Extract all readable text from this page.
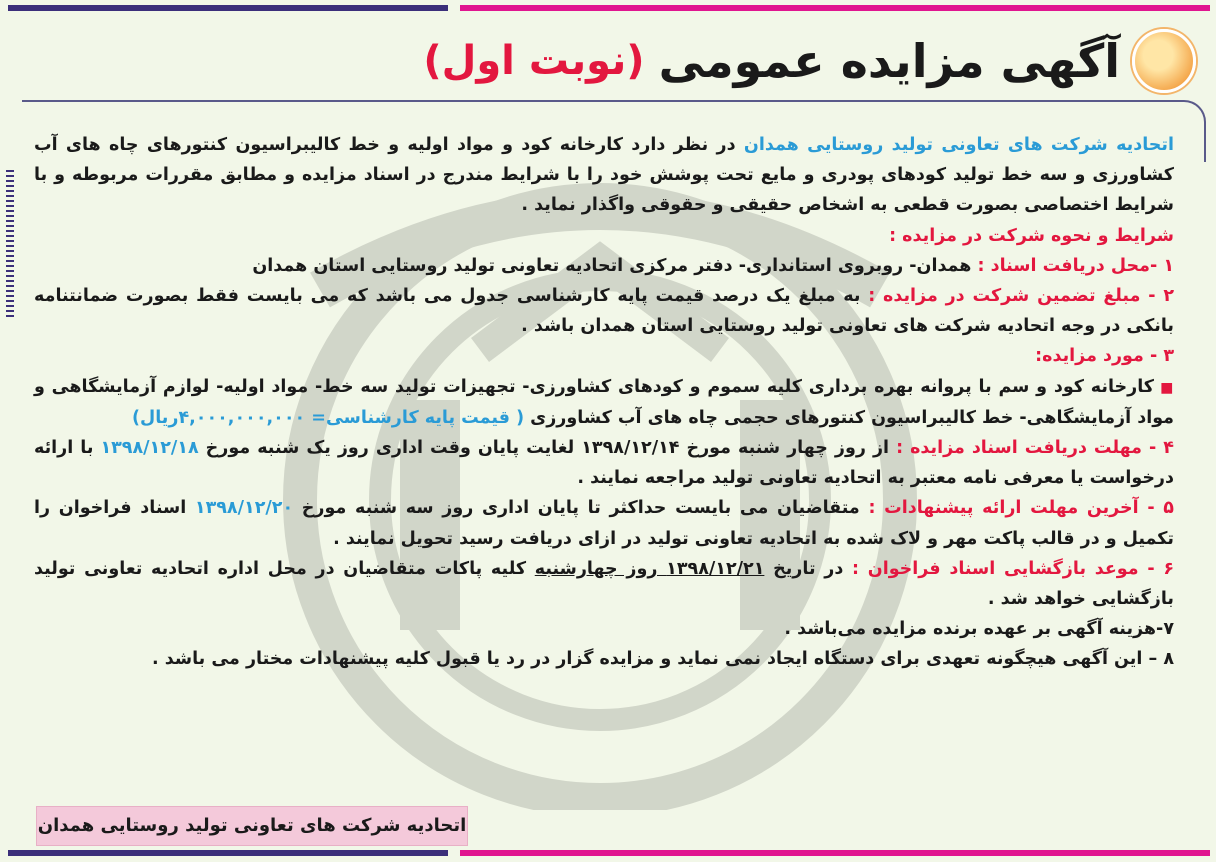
آگهی مزایده عمومی
(نوبت اول)

اتحادیه شرکت های تعاونی تولید روستایی همدان در نظر دارد کارخانه کود و مواد اولیه و خط کالیبراسیون کنتورهای چاه های آب کشاورزی و سه خط تولید کودهای پودری و مایع تحت پوشش خود را با شرایط مندرج در اسناد مزایده و مطابق مقررات مربوطه و با شرایط اختصاصی بصورت قطعی به اشخاص حقیقی و حقوقی واگذار نماید .

شرایط و نحوه شرکت در مزایده :

۱ -محل دریافت اسناد : همدان- روبروی استانداری- دفتر مرکزی اتحادیه تعاونی تولید روستایی استان همدان

۲ - مبلغ تضمین شرکت در مزایده : به مبلغ یک درصد قیمت پایه کارشناسی جدول می باشد که می بایست فقط بصورت ضمانتنامه بانکی در وجه اتحادیه شرکت های تعاونی تولید روستایی استان همدان باشد .

۳ - مورد مزایده:

■ کارخانه کود و سم با پروانه بهره برداری کلیه سموم و کودهای کشاورزی- تجهیزات تولید سه خط- مواد اولیه- لوازم آزمایشگاهی و مواد آزمایشگاهی- خط کالیبراسیون کنتورهای حجمی چاه های آب کشاورزی ( قیمت پایه کارشناسی= ۴,۰۰۰,۰۰۰,۰۰۰ریال)

۴ - مهلت دریافت اسناد مزایده : از روز چهار شنبه مورخ ۱۳۹۸/۱۲/۱۴ لغایت پایان وقت اداری روز یک شنبه مورخ ۱۳۹۸/۱۲/۱۸ با ارائه درخواست یا معرفی نامه معتبر به اتحادیه تعاونی تولید مراجعه نمایند .

۵ - آخرین مهلت ارائه پیشنهادات : متقاضیان می بایست حداکثر تا پایان اداری روز سه شنبه مورخ ۱۳۹۸/۱۲/۲۰ اسناد فراخوان را تکمیل و در قالب پاکت مهر و لاک شده به اتحادیه تعاونی تولید در ازای دریافت رسید تحویل نمایند .

۶ - موعد بازگشایی اسناد فراخوان : در تاریخ ۱۳۹۸/۱۲/۲۱ روز چهارشنبه کلیه پاکات متقاضیان در محل اداره اتحادیه تعاونی تولید بازگشایی خواهد شد .

۷-هزینه آگهی بر عهده برنده مزایده می‌باشد .

۸ – این آگهی هیچگونه تعهدی برای دستگاه ایجاد نمی نماید و مزایده گزار در رد یا قبول کلیه پیشنهادات مختار می باشد .

اتحادیه شرکت های تعاونی تولید روستایی همدان
